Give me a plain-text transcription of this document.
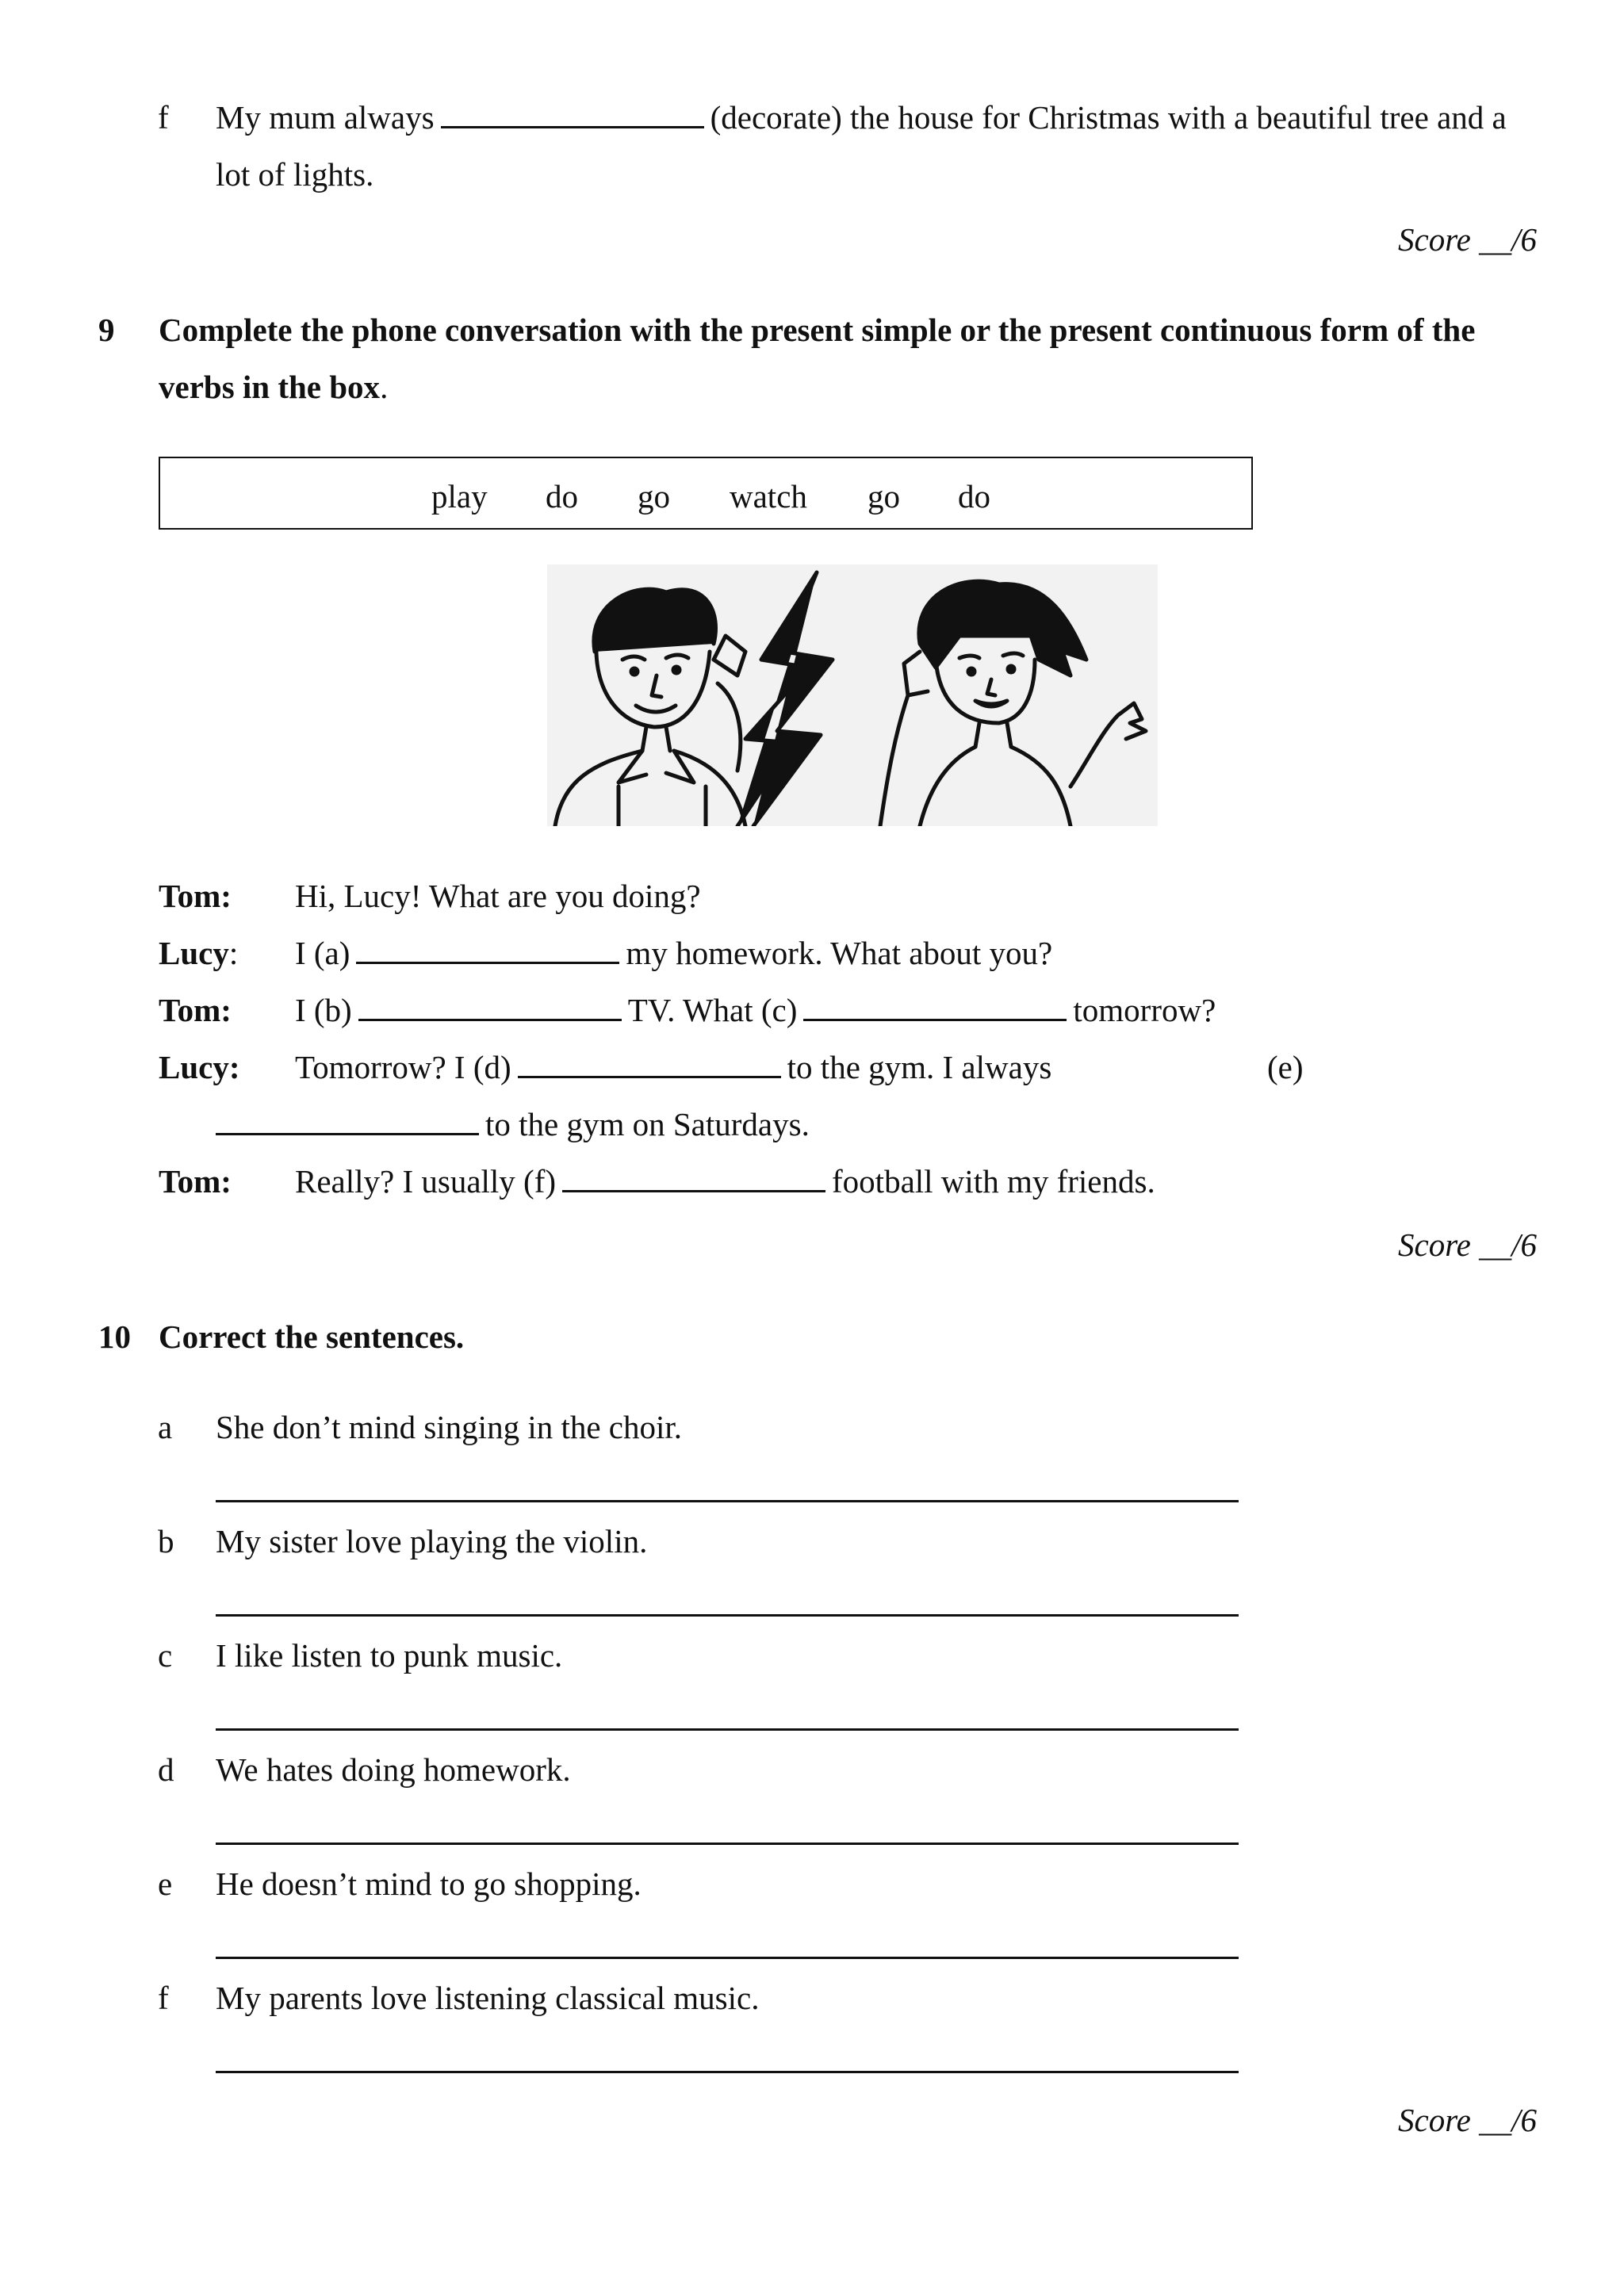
f My mum always	(decorate) the house for Christmas with a beautiful tree and a
lot of lights.
Score __/6
9 Complete the phone conversation with the present simple or the present continuous form of the
verbs in the box.
play do go watch go do
Tom: Hi, Lucy! What are you doing?
Lucy: I (a)	my homework. What about you?
Tom: I (b)	TV. What (c)	tomorrow?
Lucy: Tomorrow? I (d)	to the gym. I always	(e)
to the gym on Saturdays.
Tom: Really? I usually (f)	football with my friends.
Score __/6
10 Correct the sentences.
a She don’t mind singing in the choir.
b My sister love playing the violin.
c I like listen to punk music.
d We hates doing homework.
e He doesn’t mind to go shopping.
f My parents love listening classical music.
Score __/6
